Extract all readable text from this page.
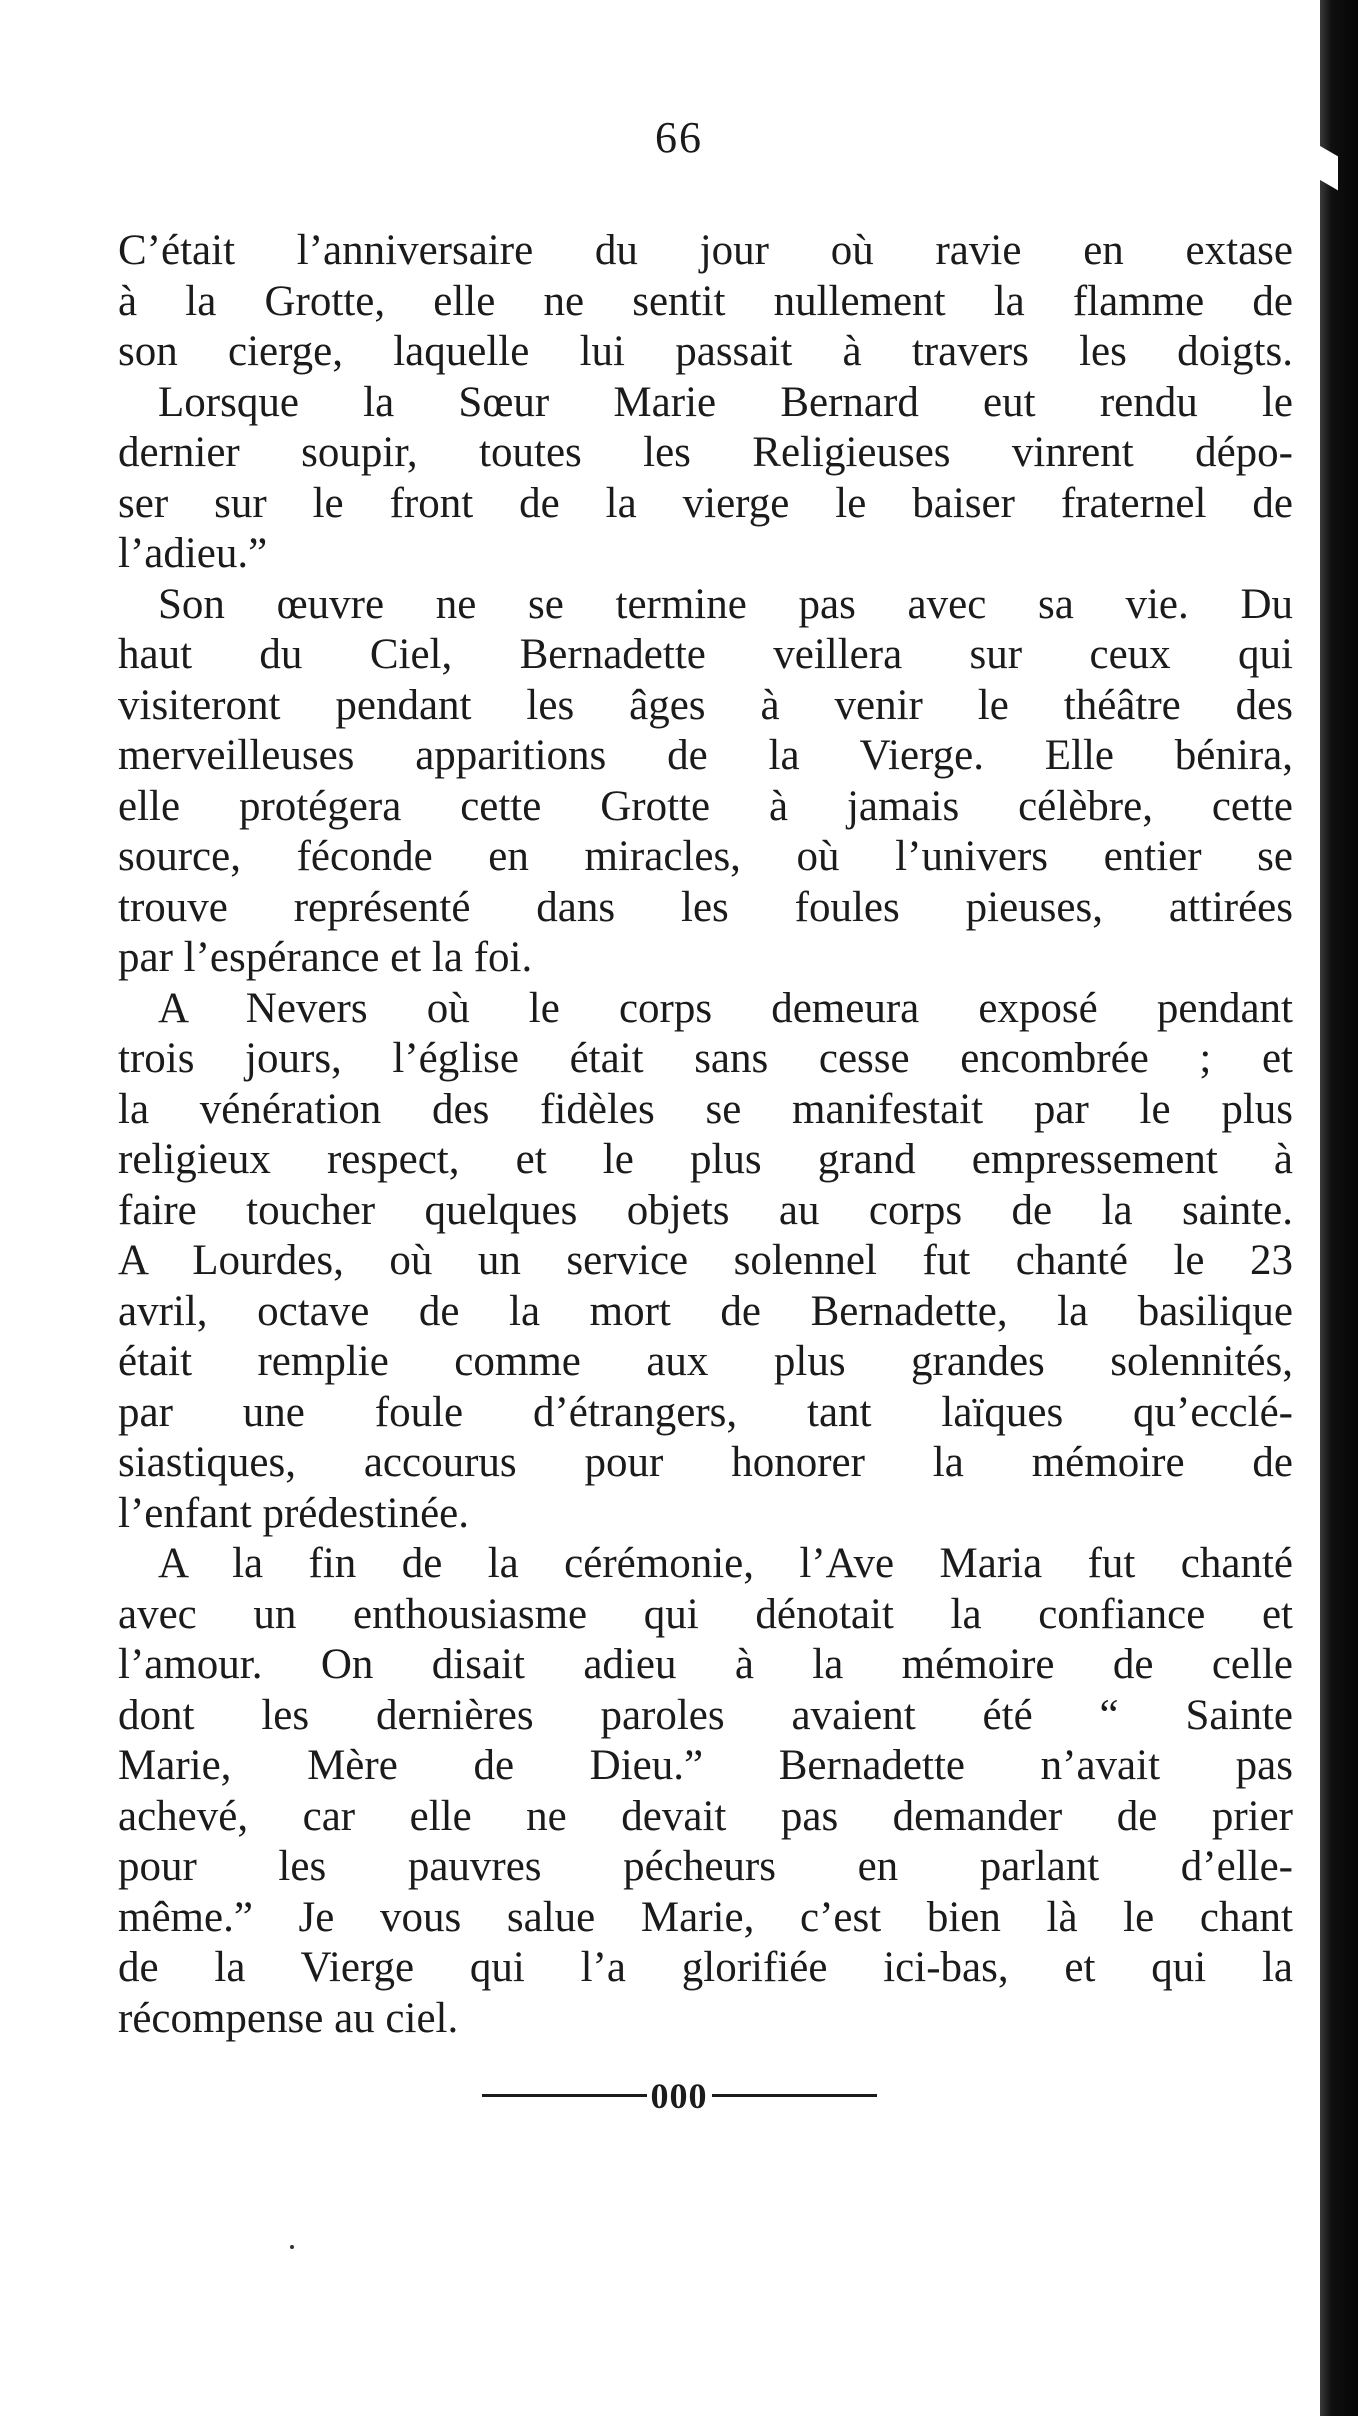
66
C’était l’anniversaire du jour où ravie en extase
à la Grotte, elle ne sentit nullement la flamme de
son cierge, laquelle lui passait à travers les doigts.
Lorsque la Sœur Marie Bernard eut rendu le
dernier soupir, toutes les Religieuses vinrent dépo-
ser sur le front de la vierge le baiser fraternel de
l’adieu.”
Son œuvre ne se termine pas avec sa vie. Du
haut du Ciel, Bernadette veillera sur ceux qui
visiteront pendant les âges à venir le théâtre des
merveilleuses apparitions de la Vierge. Elle bénira,
elle protégera cette Grotte à jamais célèbre, cette
source, féconde en miracles, où l’univers entier se
trouve représenté dans les foules pieuses, attirées
par l’espérance et la foi.
A Nevers où le corps demeura exposé pendant
trois jours, l’église était sans cesse encombrée ; et
la vénération des fidèles se manifestait par le plus
religieux respect, et le plus grand empressement à
faire toucher quelques objets au corps de la sainte.
A Lourdes, où un service solennel fut chanté le 23
avril, octave de la mort de Bernadette, la basilique
était remplie comme aux plus grandes solennités,
par une foule d’étrangers, tant laïques qu’ecclé-
siastiques, accourus pour honorer la mémoire de
l’enfant prédestinée.
A la fin de la cérémonie, l’Ave Maria fut chanté
avec un enthousiasme qui dénotait la confiance et
l’amour. On disait adieu à la mémoire de celle
dont les dernières paroles avaient été “ Sainte
Marie, Mère de Dieu.” Bernadette n’avait pas
achevé, car elle ne devait pas demander de prier
pour les pauvres pécheurs en parlant d’elle-
même.” Je vous salue Marie, c’est bien là le chant
de la Vierge qui l’a glorifiée ici-bas, et qui la
récompense au ciel.
000
